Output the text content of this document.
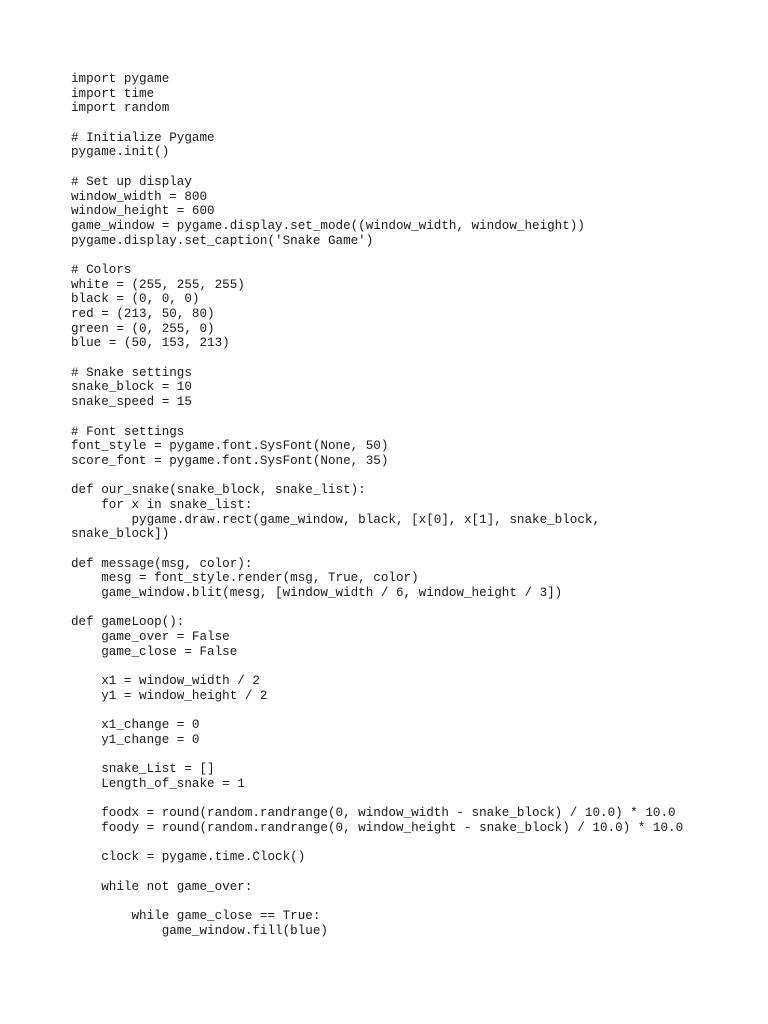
import pygame
import time
import random
# Initialize Pygame
pygame.init()
# Set up display
window_width = 800
window_height = 600
game_window = pygame.display.set_mode((window_width, window_height))
pygame.display.set_caption('Snake Game')
# Colors
white = (255, 255, 255)
black = (0, 0, 0)
red = (213, 50, 80)
green = (0, 255, 0)
blue = (50, 153, 213)
# Snake settings
snake_block = 10
snake_speed = 15
# Font settings
font_style = pygame.font.SysFont(None, 50)
score_font = pygame.font.SysFont(None, 35)
def our_snake(snake_block, snake_list):
for x in snake_list:
pygame.draw.rect(game_window, black, [x[0], x[1], snake_block,
snake_block])
def message(msg, color):
mesg = font_style.render(msg, True, color)
game_window.blit(mesg, [window_width / 6, window_height / 3])
def gameLoop():
game_over = False
game_close = False
x1 = window_width / 2
y1 = window_height / 2
x1_change = 0
y1_change = 0
snake_List = []
Length_of_snake = 1
foodx = round(random.randrange(0, window_width - snake_block) / 10.0) * 10.0
foody = round(random.randrange(0, window_height - snake_block) / 10.0) * 10.0
clock = pygame.time.Clock()
while not game_over:
while game_close == True:
game_window.fill(blue)
